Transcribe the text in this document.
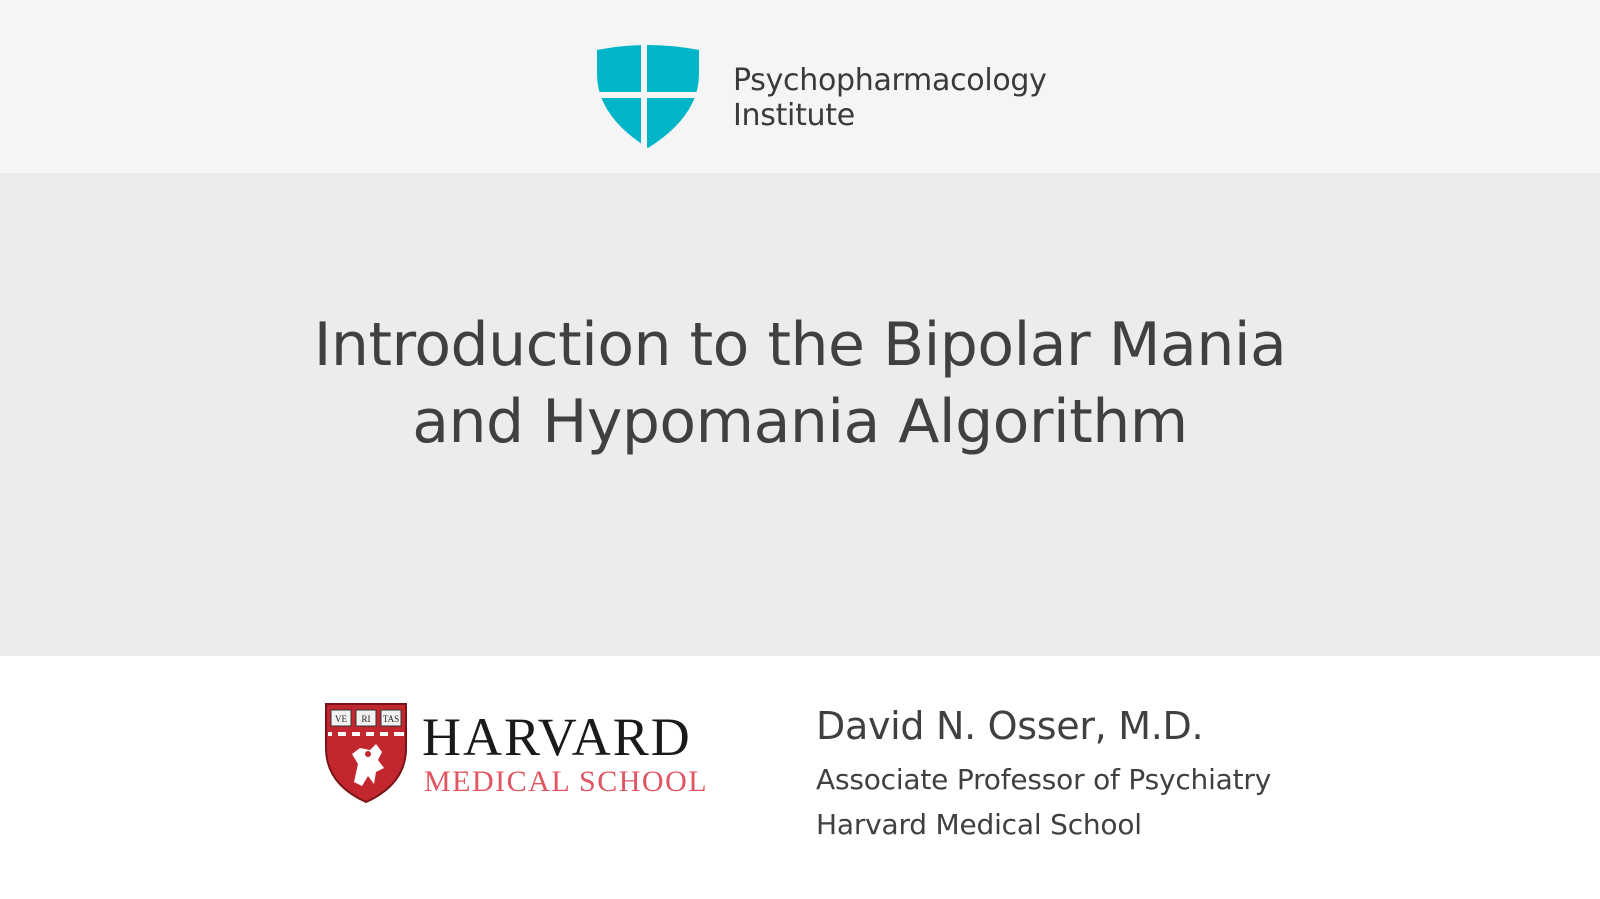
Psychopharmacology
Institute
Introduction to the Bipolar Mania
and Hypomania Algorithm
VE RI TAS HARVARD
MEDICAL SCHOOL
David N. Osser, M.D.
Associate Professor of Psychiatry
Harvard Medical School
